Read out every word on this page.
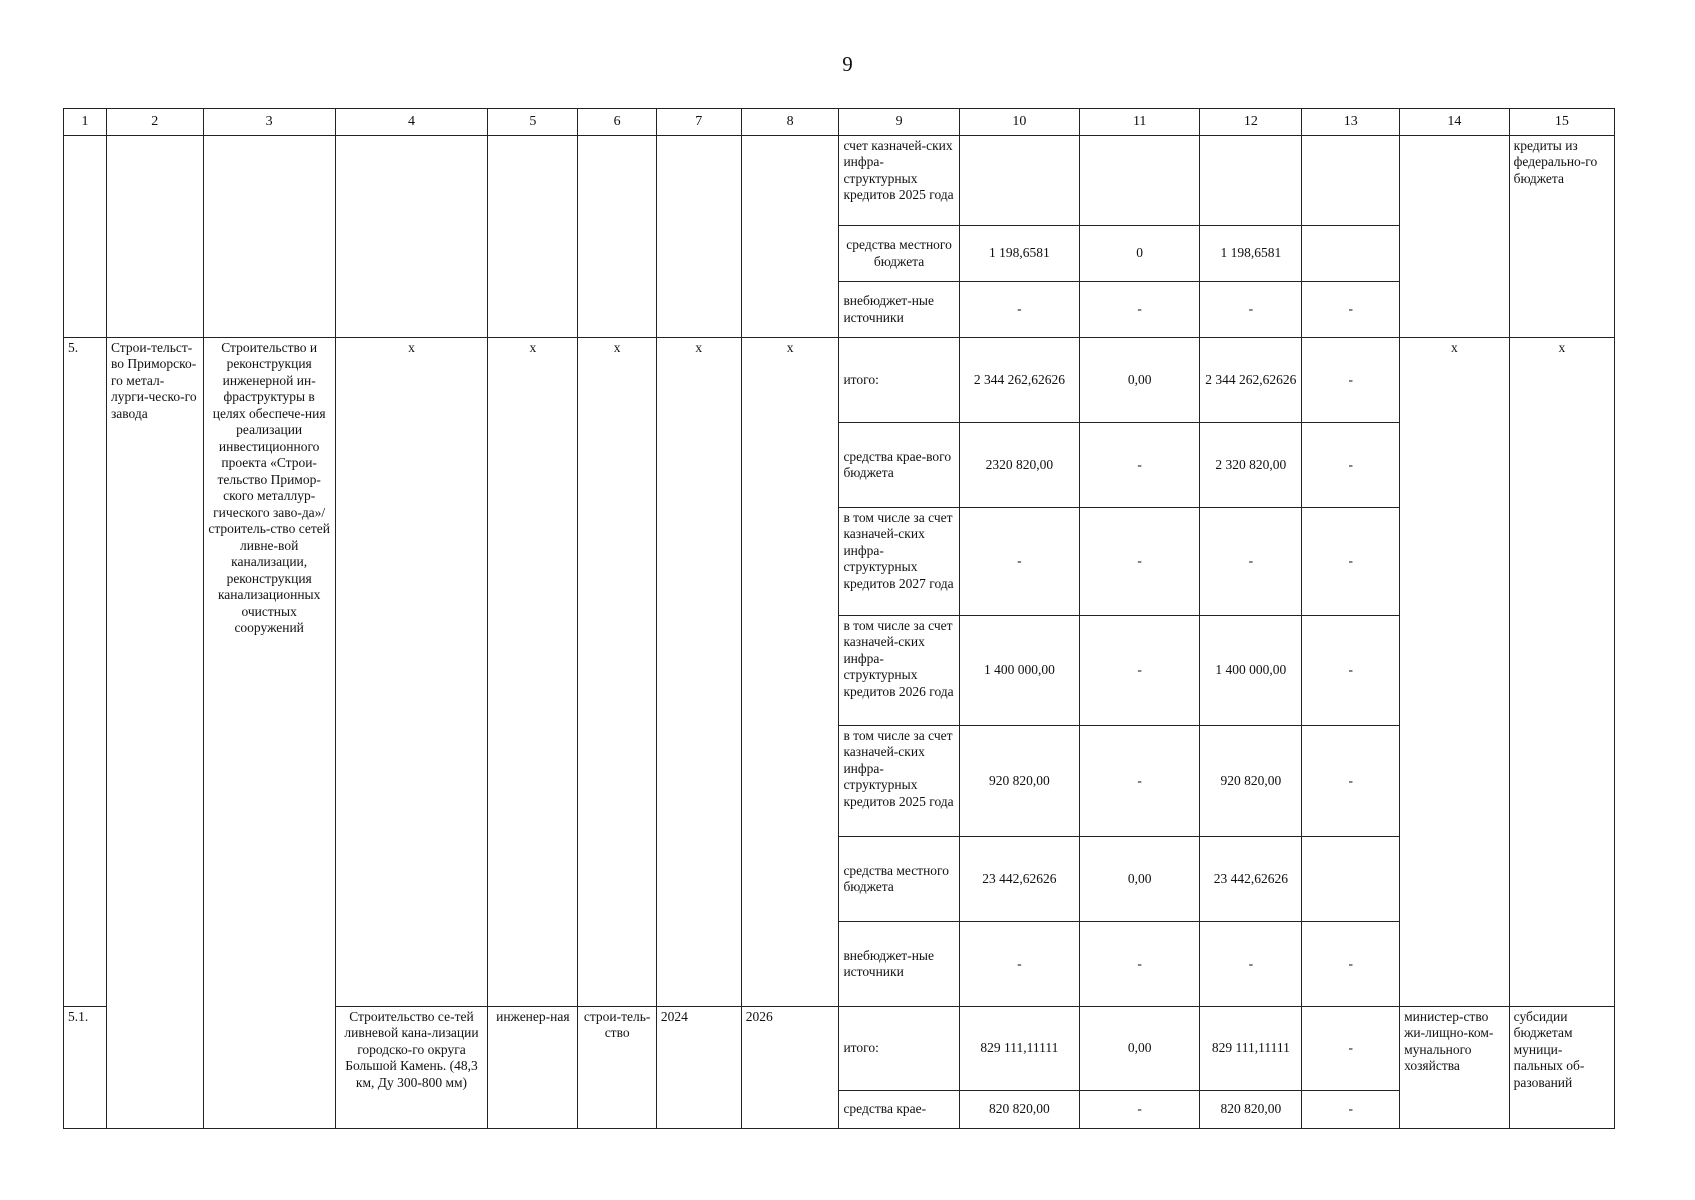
9
1	2	3	4	5	6	7	8	9	10	11	12	13	14	15
								счет казначей-ских инфра-структурных кредитов 2025 года						кредиты из федерально-го бюджета
								средства местного бюджета	1 198,6581	0	1 198,6581			
								внебюджет-ные источники	-	-	-	-		
5.	Строи-тельст-во Приморско-го метал-лурги-ческо-го завода	Строительство и реконструкция инженерной ин-фраструктуры в целях обеспече-ния реализации инвестиционного проекта «Строи-тельство Примор-ского металлур-гического заво-да»/ строитель-ство сетей ливне-вой канализации, реконструкция канализационных очистных сооружений	x	x	x	x	x	итого:	2 344 262,62626	0,00	2 344 262,62626	-	x	x
								средства крае-вого бюджета	2320 820,00	-	2 320 820,00	-		
								в том числе за счет казначей-ских инфра-структурных кредитов 2027 года	-	-	-	-		
								в том числе за счет казначей-ских инфра-структурных кредитов 2026 года	1 400 000,00	-	1 400 000,00	-		
								в том числе за счет казначей-ских инфра-структурных кредитов 2025 года	920 820,00	-	920 820,00	-		
								средства местного бюджета	23 442,62626	0,00	23 442,62626			
								внебюджет-ные источники	-	-	-	-		
5.1.			Строительство се-тей ливневой кана-лизации городско-го округа Большой Камень. (48,3 км, Ду 300-800 мм)	инженер-ная	строи-тель-ство	2024	2026	итого:	829 111,11111	0,00	829 111,11111	-	министер-ство жи-лищно-ком-мунального хозяйства	субсидии бюджетам муници-пальных об-разований
								средства крае-	820 820,00	-	820 820,00	-		
